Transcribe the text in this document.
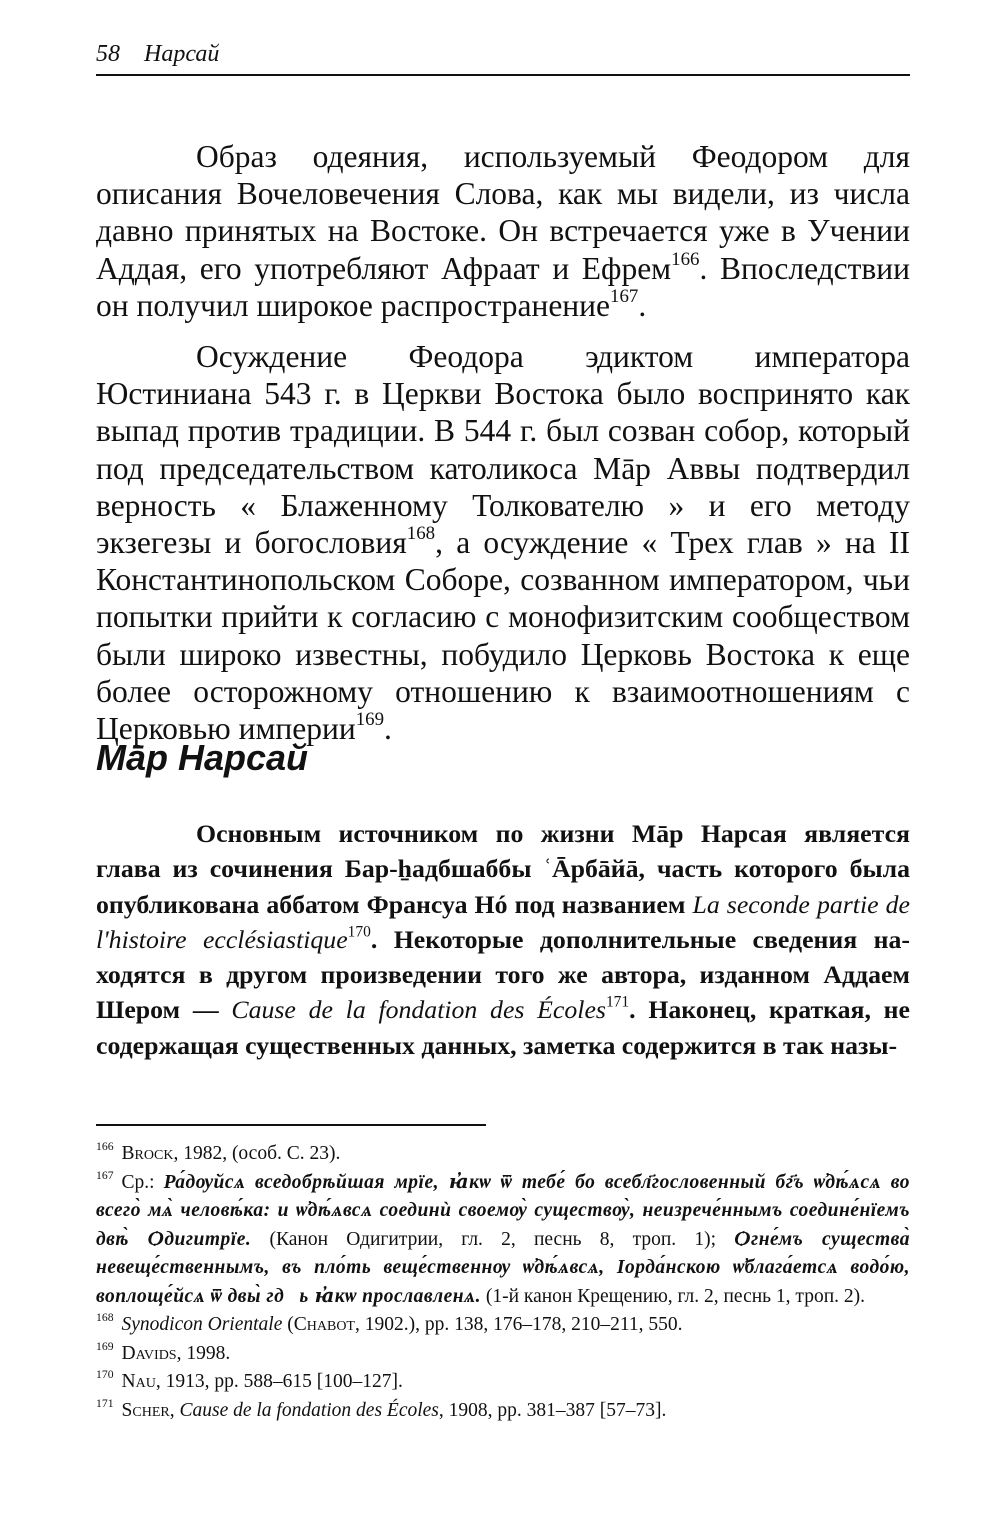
58 Нарсай

Образ одеяния, используемый Феодором для описания Вочеловечения Слова, как мы видели, из числа давно принятых на Востоке. Он встречается уже в Учении Аддая, его употребляют Афраат и Ефрем$^{166}$. Впоследствии он получил широкое распространение$^{167}$.

Осуждение Феодора эдиктом императора Юстиниана 543 г. в Церкви Востока было воспринято как выпад против традиции. В 544 г. был созван собор, который под председательством католикоса Мāр Аввы подтвердил верность « Блаженному Толкователю » и его методу экзегезы и богословия$^{168}$, а осуждение « Трех глав » на II Константинопольском Соборе, созванном императором, чьи попытки прийти к согласию с монофизитским сообществом были широко известны, побудило Церковь Востока к еще более осторожному отношению к взаимоотношениям с Церковью империи$^{169}$.

Мāр Нарсай

Основным источником по жизни Мāр Нарсая является глава из сочинения Бар-ẖадбшаббы ʿĀрбāйā, часть которого была опубликована аббатом Франсуа Нó под названием La seconde partie de l'histoire ecclésiastique$^{170}$. Некоторые дополнительные сведения находятся в другом произведении того же автора, изданном Аддаем Шером — Cause de la fondation des Écoles$^{171}$. Наконец, краткая, не содержащая существенных данных, заметка содержится в так назы-

$^{166}$ Brock, 1982, (особ. С. 23).

$^{167}$ Ср.: Ра́дѹйсѧ вседобрѣйшая мрїе, ꙗ̓кѡ ѿ тебе́ бо всебл҃гословенный бг҃ъ ѡ̓дѣ́ѧсѧ во всего̀ мѧ̀ человѣ́ка: и ѡ̓дѣ́ѧвсѧ соединѝ своемѹ̀ существѹ̀, неизрече́ннымъ соедине́нїемъ двѣ̀ Ѻдигитрїе. (Канон Одигитрии, гл. 2, песнь 8, троп. 1); Ѻгне́мъ существа̀ невеще́ственнымъ, въ пло́ть веще́ственнѹ ѡ̓дѣ́ѧвсѧ, Іорда́нскою ѡ̓блага́етсѧ водо́ю, воплоще́йсѧ ѿ двы̀ гдⷭь ꙗ̓кѡ прославленѧ. (1-й канон Крещению, гл. 2, песнь 1, троп. 2).

$^{168}$ Synodicon Orientale (Chabot, 1902.), pp. 138, 176–178, 210–211, 550.

$^{169}$ Davids, 1998.

$^{170}$ Nau, 1913, pp. 588–615 [100–127].

$^{171}$ Scher, Cause de la fondation des Écoles, 1908, pp. 381–387 [57–73].
